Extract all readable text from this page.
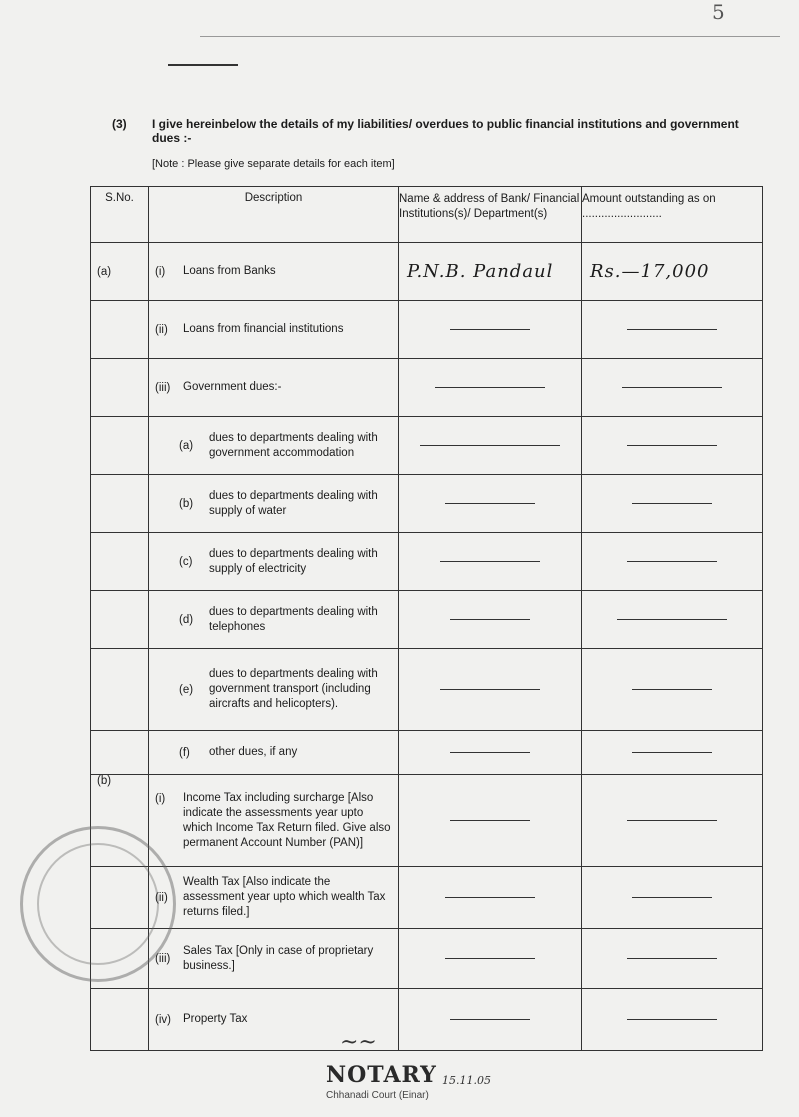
5
(3) I give hereinbelow the details of my liabilities/ overdues to public financial institutions and government dues :-
[Note : Please give separate details for each item]
S.No.	Description	Name & address of Bank/ Financial Institutions(s)/ Department(s)	Amount outstanding as on .........................
(a)	(i) Loans from Banks	P.N.B. Pandaul	Rs.—17,000

	(ii) Loans from financial institutions		

	(iii) Government dues:-		

	(a)
dues to departments dealing with government accommodation		

	(b)
dues to departments dealing with supply of water		

	(c)
dues to departments dealing with supply of electricity		

	(d)
dues to departments dealing with telephones		

	(e)
dues to departments dealing with government transport (including aircrafts and helicopters).		

	(f) other dues, if any		

(b)	(i) Income Tax including surcharge [Also indicate the assessments year upto which Income Tax Return filed. Give also permanent Account Number (PAN)]		

	(ii)
Wealth Tax [Also indicate the assessment year upto which wealth Tax returns filed.]		

	(iii)
Sales Tax [Only in case of proprietary business.]		

	(iv) Property Tax		

~~
NOTARY 15.11.05
Chhanadi Court (Einar)
